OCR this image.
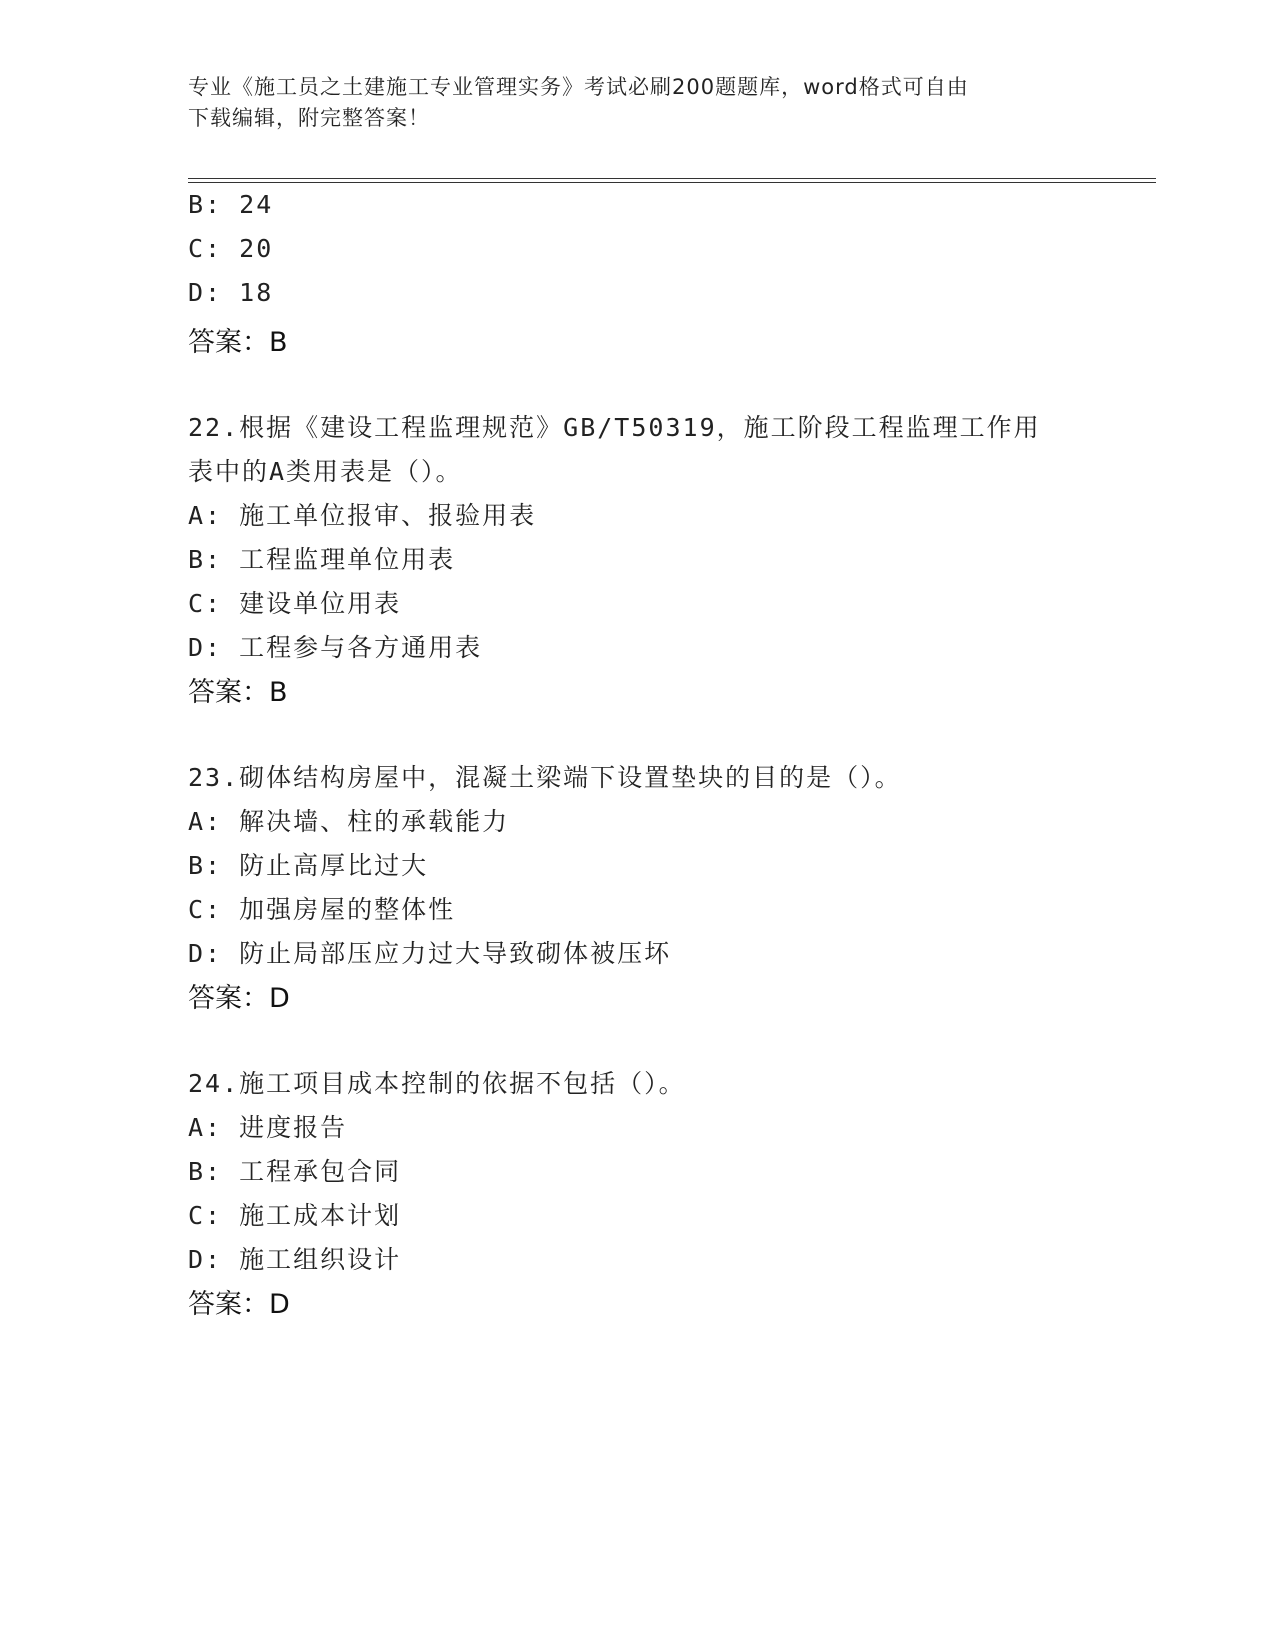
专业《施工员之土建施工专业管理实务》考试必刷200题题库，word格式可自由
下载编辑，附完整答案！
B: 24
C: 20
D: 18
答案：B
22.根据《建设工程监理规范》GB/T50319，施工阶段工程监理工作用
表中的A类用表是（）。
A: 施工单位报审、报验用表
B: 工程监理单位用表
C: 建设单位用表
D: 工程参与各方通用表
答案：B
23.砌体结构房屋中，混凝土梁端下设置垫块的目的是（）。
A: 解决墙、柱的承载能力
B: 防止高厚比过大
C: 加强房屋的整体性
D: 防止局部压应力过大导致砌体被压坏
答案：D
24.施工项目成本控制的依据不包括（）。
A: 进度报告
B: 工程承包合同
C: 施工成本计划
D: 施工组织设计
答案：D
